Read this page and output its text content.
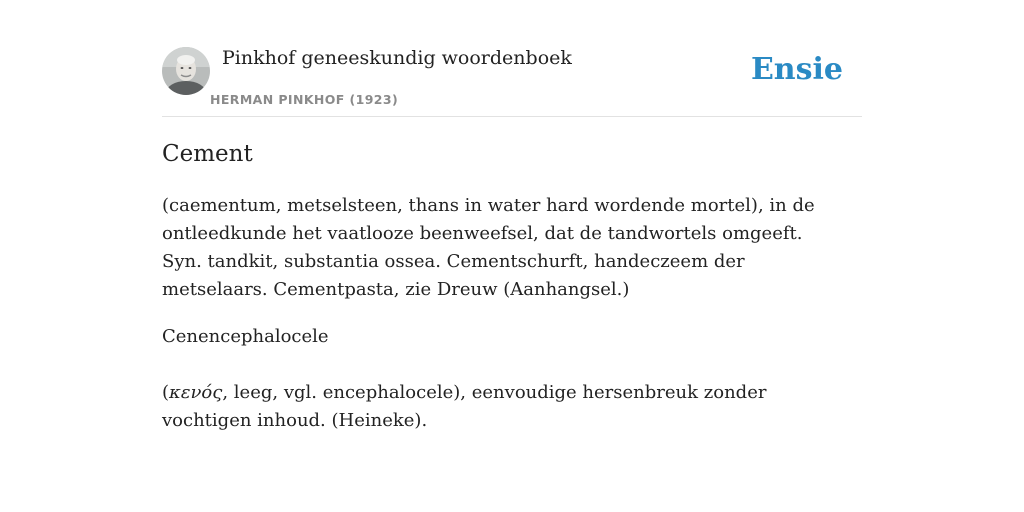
Pinkhof geneeskundig woordenboek
HERMAN PINKHOF (1923)
Ensie
Cement

(caementum, metselsteen, thans in water hard wordende mortel), in de ontleedkunde het vaatlooze beenweefsel, dat de tandwortels omgeeft. Syn. tandkit, substantia ossea. Cementschurft, handeczeem der metselaars. Cementpasta, zie Dreuw (Aanhangsel.)

Cenencephalocele

(κενός, leeg, vgl. encephalocele), eenvoudige hersenbreuk zonder vochtigen inhoud. (Heineke).
